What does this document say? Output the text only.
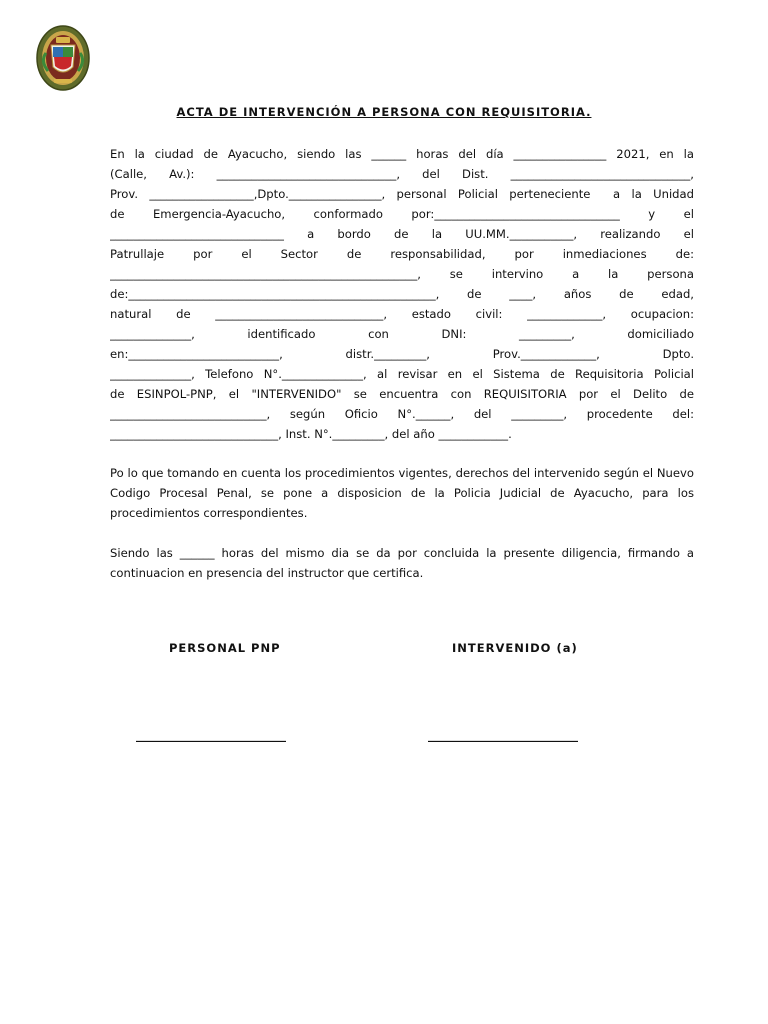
ACTA DE INTERVENCIÓN A PERSONA CON REQUISITORIA.
En la ciudad de Ayacucho, siendo las ______ horas del día ________________ 2021, en la
(Calle, Av.): _______________________________, del Dist. _______________________________,
Prov. __________________,Dpto.________________, personal Policial perteneciente  a la Unidad
de Emergencia-Ayacucho, conformado por:________________________________ y el
______________________________ a bordo de la UU.MM.___________, realizando el
Patrullaje por el Sector de responsabilidad, por inmediaciones de:
_____________________________________________________, se intervino a la persona
de:_____________________________________________________, de ____, años de edad,
natural de _____________________________, estado civil: _____________, ocupacion:
______________, identificado con DNI: _________, domiciliado
en:__________________________, distr._________, Prov._____________, Dpto.
______________, Telefono N°.______________, al revisar en el Sistema de Requisitoria Policial
de ESINPOL-PNP, el "INTERVENIDO" se encuentra con REQUISITORIA por el Delito de
___________________________, según Oficio N°.______, del _________, procedente del:
_____________________________, Inst. N°._________, del año ____________.
Po lo que tomando en cuenta los procedimientos vigentes, derechos del intervenido según el Nuevo
Codigo Procesal Penal, se pone a disposicion de la Policia Judicial de Ayacucho, para los
procedimientos correspondientes.
Siendo las ______ horas del mismo dia se da por concluida la presente diligencia, firmando a
continuacion en presencia del instructor que certifica.
PERSONAL PNP	INTERVENIDO (a)
_________________________	_________________________
